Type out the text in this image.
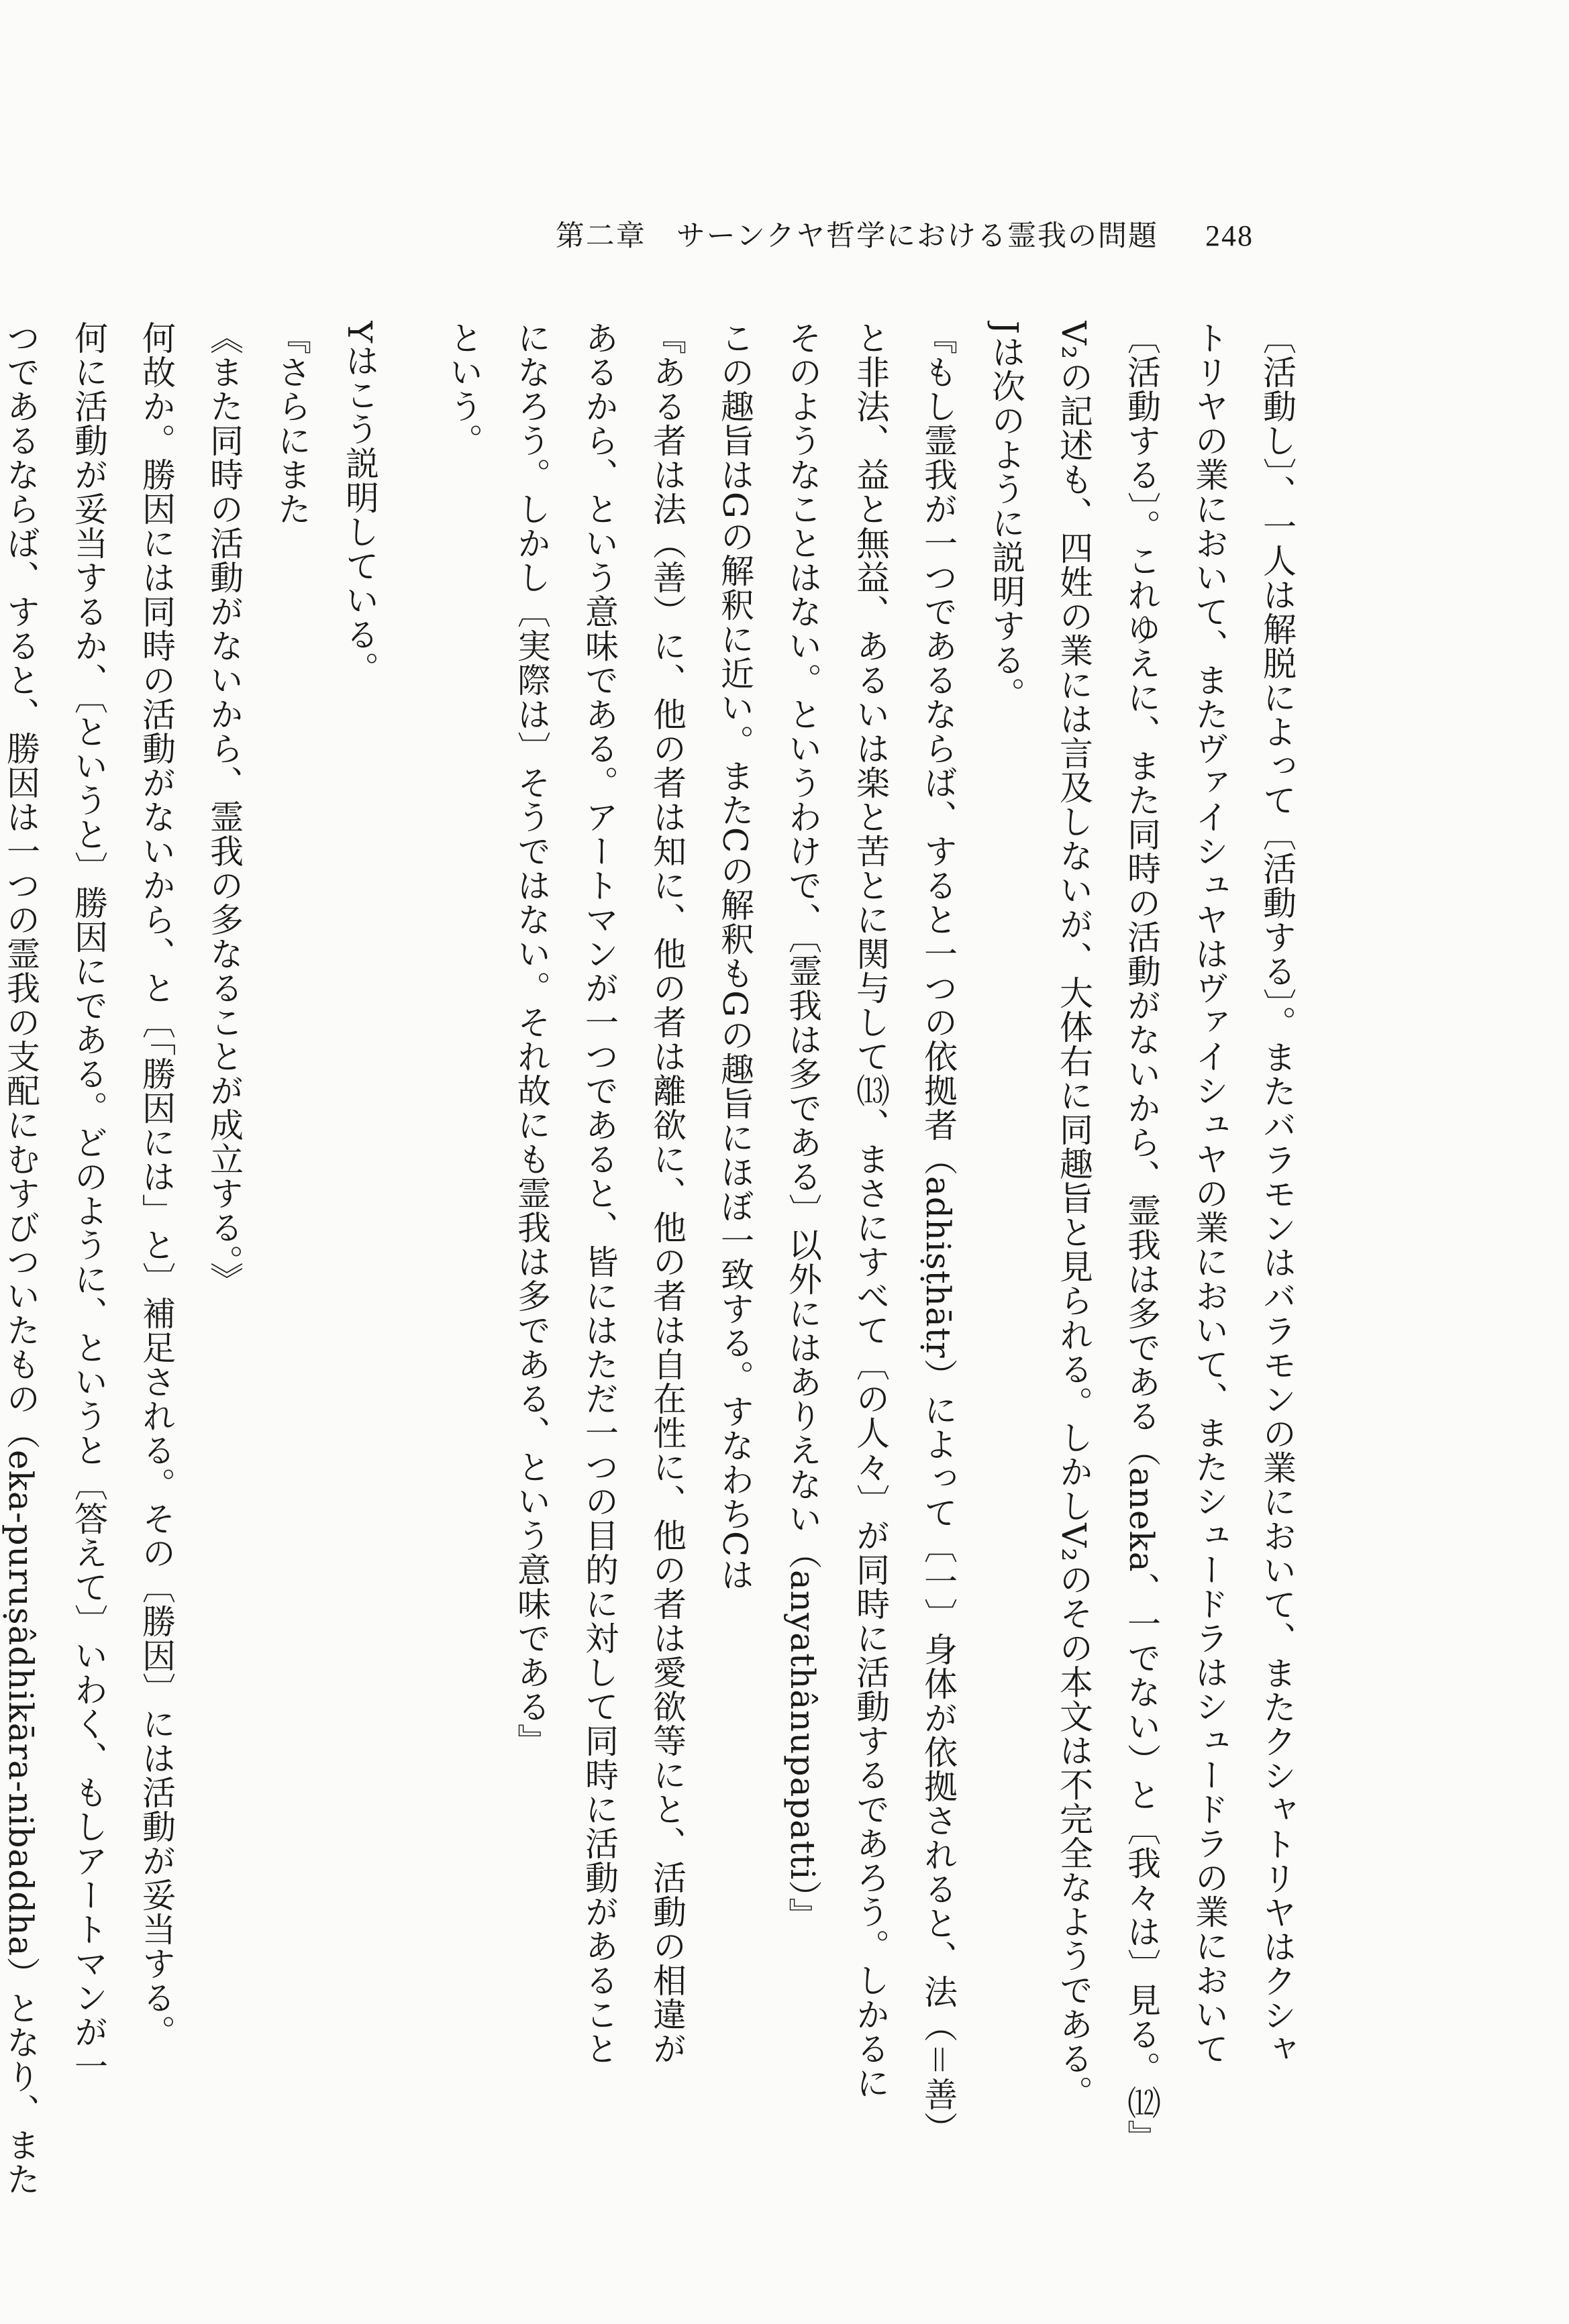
第二章　サーンクヤ哲学における霊我の問題 248
〔活動し〕、一人は解脱によって〔活動する〕。またバラモンはバラモンの業において、またクシャトリヤはクシャ
トリヤの業において、またヴァイシュヤはヴァイシュヤの業において、またシュードラはシュードラの業において
〔活動する〕。これゆえに、また同時の活動がないから、霊我は多である（aneka、一でない）と〔我々は〕見る。⑿』
V₂の記述も、四姓の業には言及しないが、大体右に同趣旨と見られる。しかしV₂のその本文は不完全なようである。
Jは次のように説明する。
『もし霊我が一つであるならば、すると一つの依拠者（adhiṣṭhātṛ）によって〔一〕身体が依拠されると、法（＝善）
と非法、益と無益、あるいは楽と苦とに関与して⒀、まさにすべて〔の人々〕が同時に活動するであろう。しかるに
そのようなことはない。というわけで、〔霊我は多である〕以外にはありえない（anyathânupapatti）』
この趣旨はGの解釈に近い。またCの解釈もGの趣旨にほぼ一致する。すなわちCは
『ある者は法（善）に、他の者は知に、他の者は離欲に、他の者は自在性に、他の者は愛欲等にと、活動の相違が
あるから、という意味である。アートマンが一つであると、皆にはただ一つの目的に対して同時に活動があること
になろう。しかし〔実際は〕そうではない。それ故にも霊我は多である、という意味である』
という。
Yはこう説明している。
『さらにまた
《また同時の活動がないから、霊我の多なることが成立する。》
何故か。勝因には同時の活動がないから、と〔「勝因には」と〕補足される。その〔勝因〕には活動が妥当する。
何に活動が妥当するか、〔というと〕勝因にである。どのように、というと〔答えて〕いわく、もしアートマンが一
つであるならば、すると、勝因は一つの霊我の支配にむすびついたもの（eka-puruṣâdhikāra-nibaddha）となり、また
